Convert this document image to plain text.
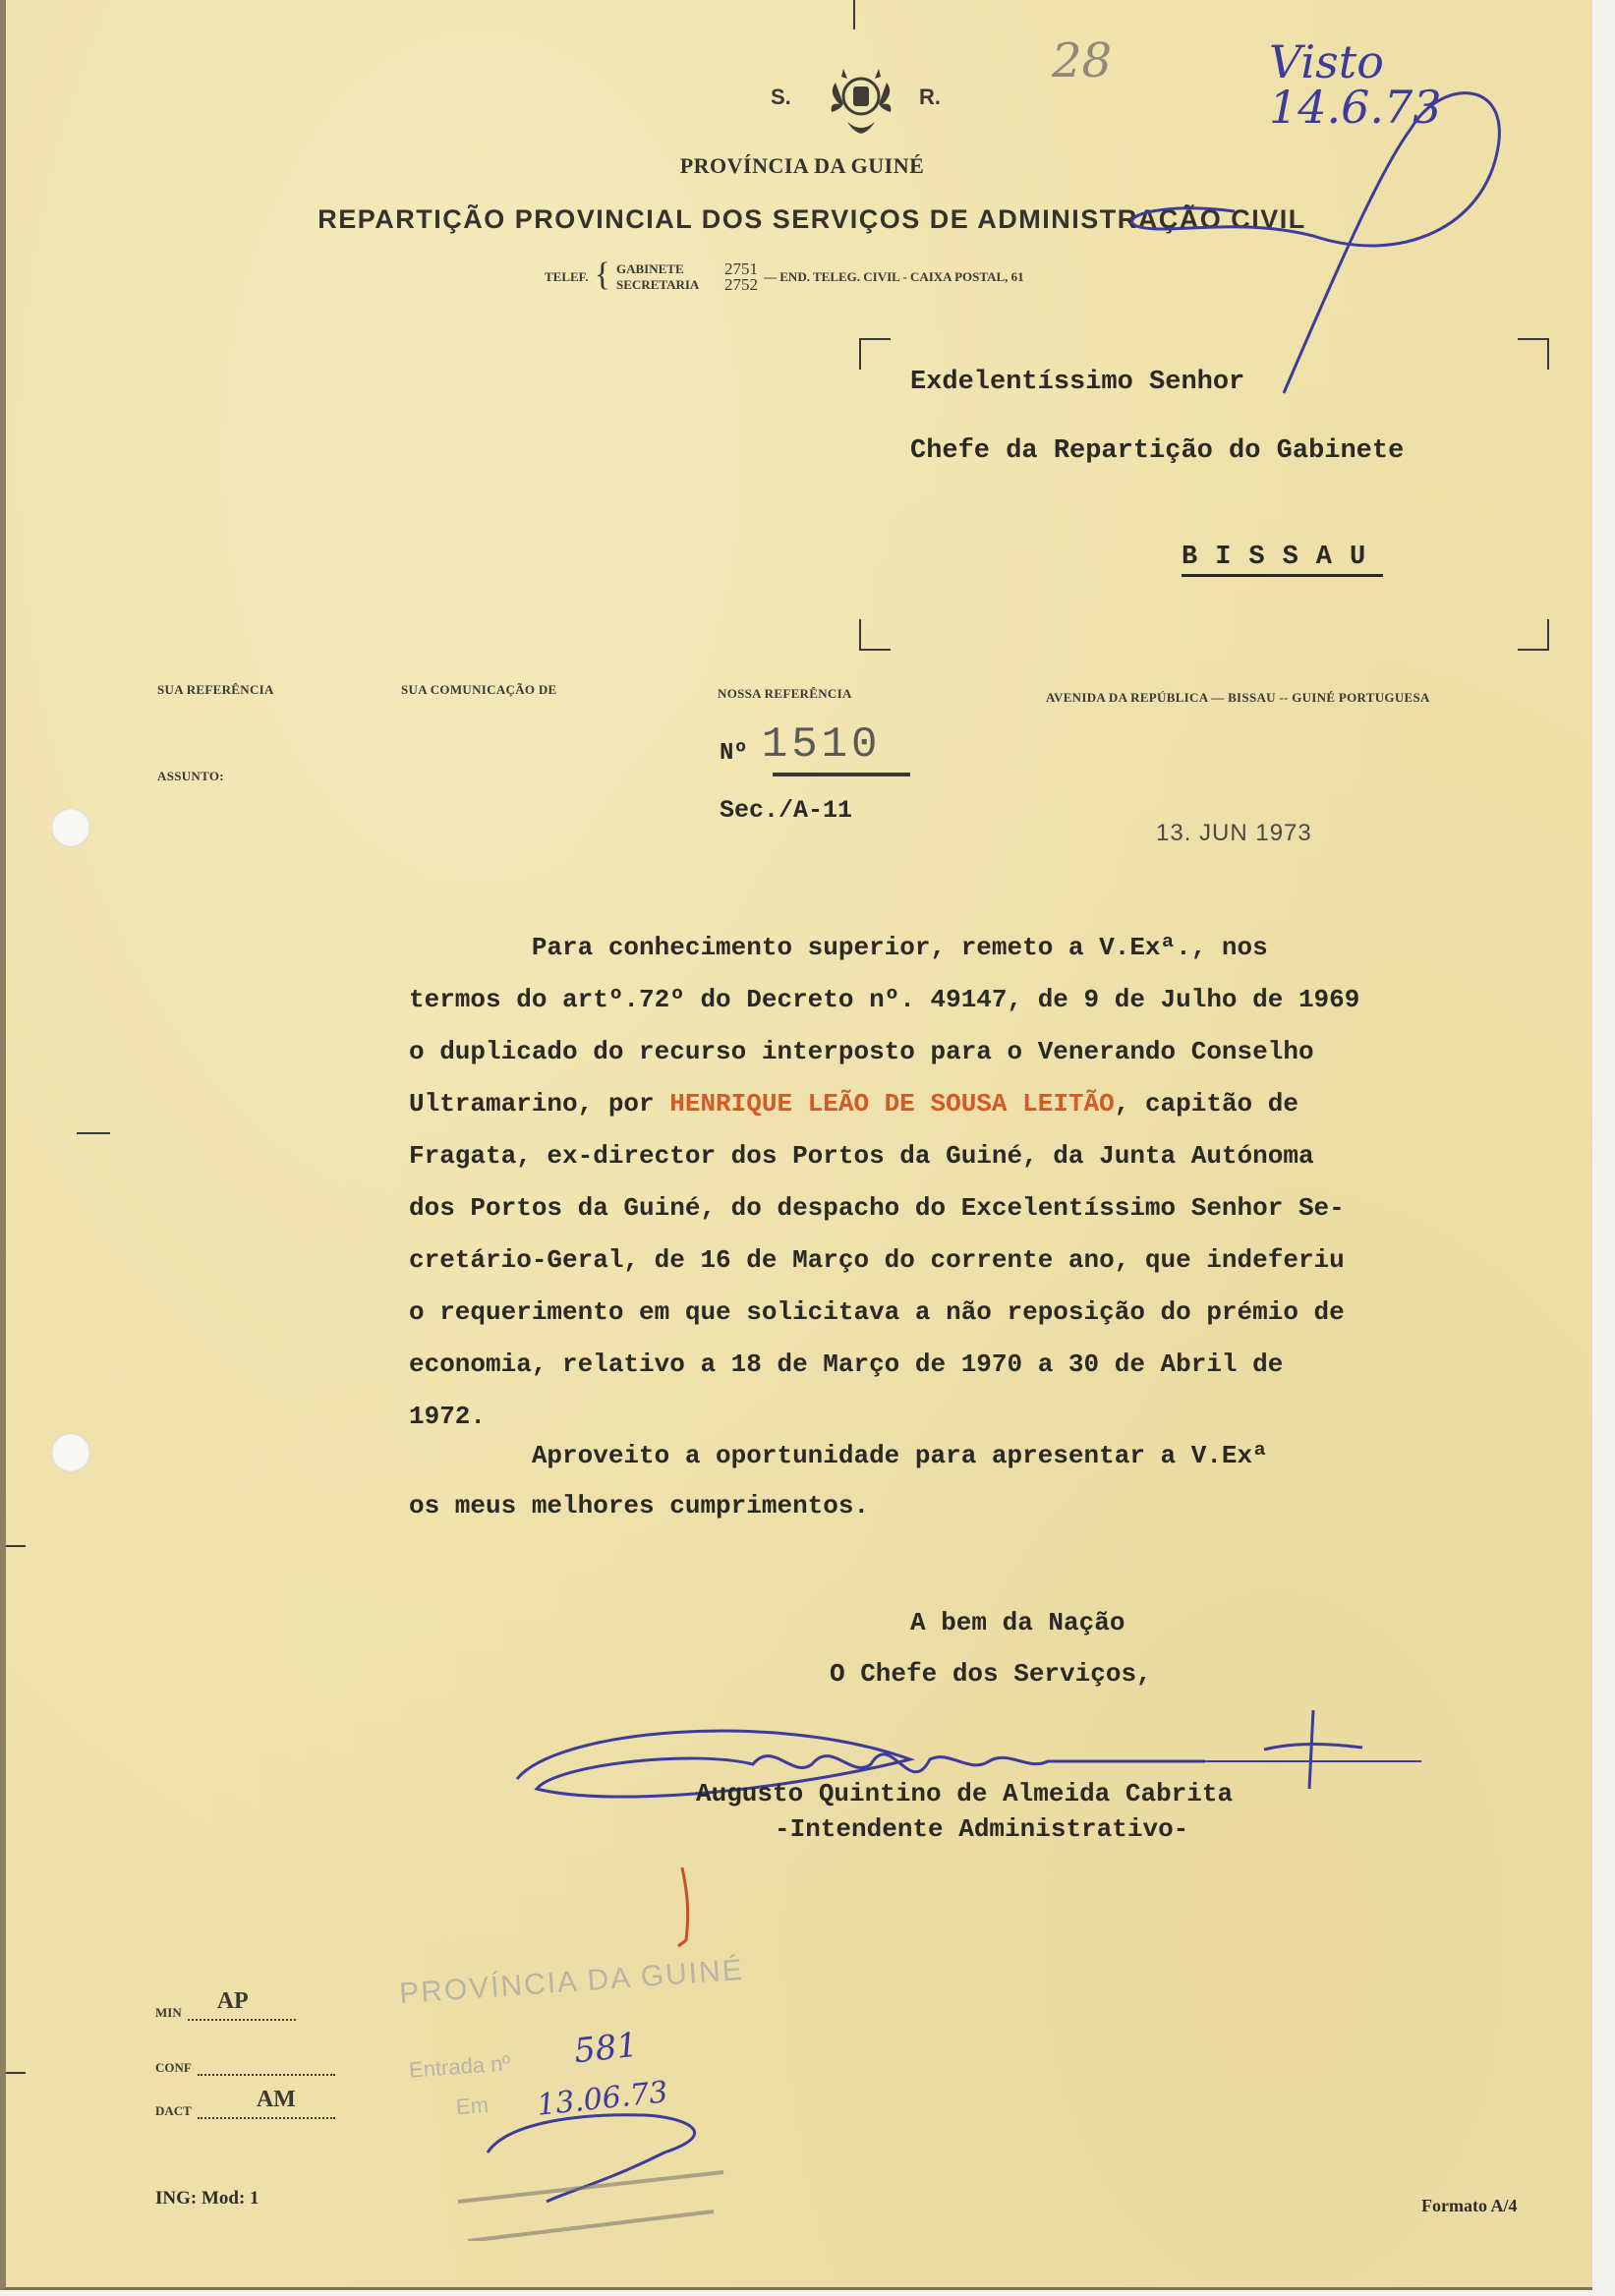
S.	R.
PROVÍNCIA DA GUINÉ
REPARTIÇÃO PROVINCIAL DOS SERVIÇOS DE ADMINISTRAÇÃO CIVIL
TELEF. { GABINETE	2751
SECRETARIA	2752 — END. TELEG. CIVIL - CAIXA POSTAL, 61
28	Visto
14.6.73
Exdelentíssimo Senhor
Chefe da Repartição do Gabinete
BISSAU
SUA REFERÊNCIA	SUA COMUNICAÇÃO DE	NOSSA REFERÊNCIA	AVENIDA DA REPÚBLICA — BISSAU -- GUINÉ PORTUGUESA
ASSUNTO:
Nº 1510
Sec./A-11
13. JUN 1973
Para conhecimento superior, remeto a V.Exª., nos
termos do artº.72º do Decreto nº. 49147, de 9 de Julho de 1969
o duplicado do recurso interposto para o Venerando Conselho
Ultramarino, por HENRIQUE LEÃO DE SOUSA LEITÃO, capitão de
Fragata, ex-director dos Portos da Guiné, da Junta Autónoma
dos Portos da Guiné, do despacho do Excelentíssimo Senhor Se-
cretário-Geral, de 16 de Março do corrente ano, que indeferiu
o requerimento em que solicitava a não reposição do prémio de
economia, relativo a 18 de Março de 1970 a 30 de Abril de
1972.
Aproveito a oportunidade para apresentar a V.Exª
os meus melhores cumprimentos.
A bem da Nação
O Chefe dos Serviços,
Augusto Quintino de Almeida Cabrita
-Intendente Administrativo-
PROVÍNCIA DA GUINÉ
Entrada nº
Em
581
13.06.73
MIN AP
CONF
DACT	AM
ING: Mod: 1	Formato A/4
